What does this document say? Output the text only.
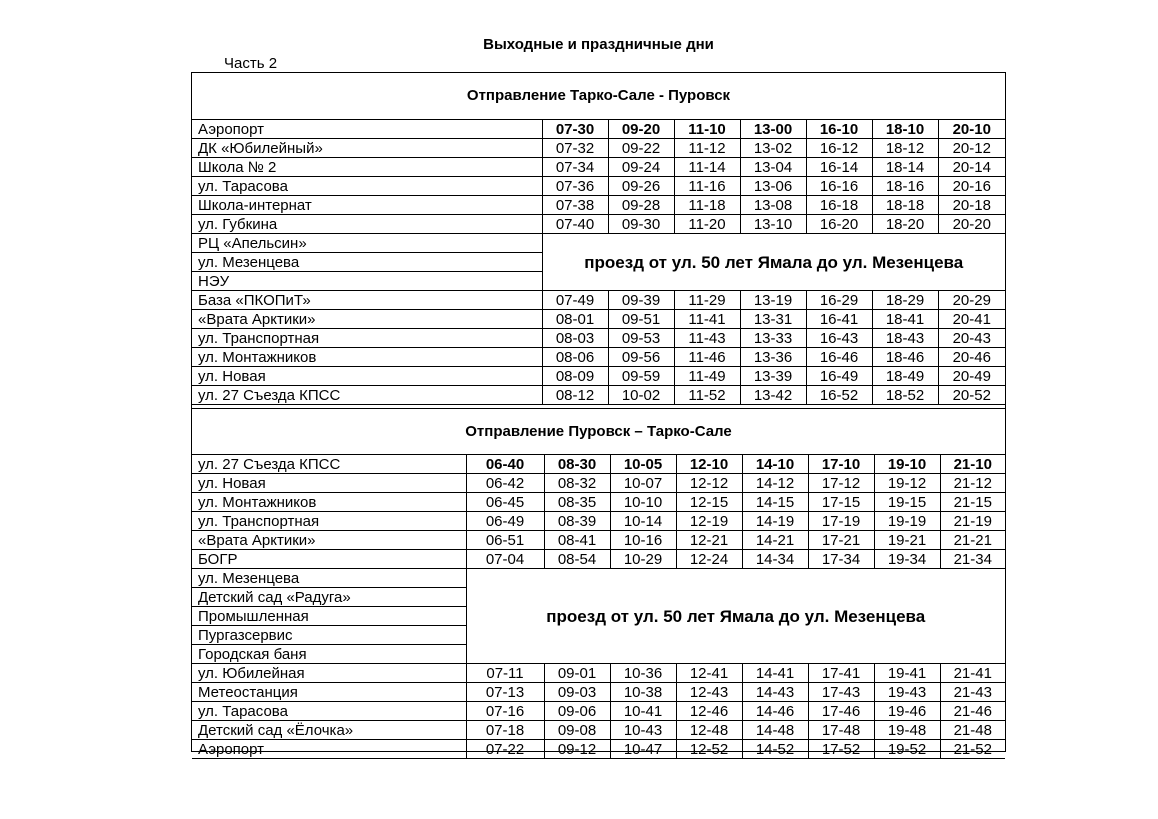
Выходные и праздничные дни
Часть 2
Отправление Тарко-Сале - Пуровск
Аэропорт	07-30	09-20	11-10	13-00	16-10	18-10	20-10
ДК «Юбилейный»	07-32	09-22	11-12	13-02	16-12	18-12	20-12
Школа № 2	07-34	09-24	11-14	13-04	16-14	18-14	20-14
ул. Тарасова	07-36	09-26	11-16	13-06	16-16	18-16	20-16
Школа-интернат	07-38	09-28	11-18	13-08	16-18	18-18	20-18
ул. Губкина	07-40	09-30	11-20	13-10	16-20	18-20	20-20
РЦ «Апельсин»	проезд от ул. 50 лет Ямала до ул. Мезенцева						
ул. Мезенцева							
НЭУ							
База «ПКОПиТ»	07-49	09-39	11-29	13-19	16-29	18-29	20-29
«Врата Арктики»	08-01	09-51	11-41	13-31	16-41	18-41	20-41
ул. Транспортная	08-03	09-53	11-43	13-33	16-43	18-43	20-43
ул. Монтажников	08-06	09-56	11-46	13-36	16-46	18-46	20-46
ул. Новая	08-09	09-59	11-49	13-39	16-49	18-49	20-49
ул. 27 Съезда КПСС	08-12	10-02	11-52	13-42	16-52	18-52	20-52
Отправление Пуровск – Тарко-Сале
ул. 27 Съезда КПСС	06-40	08-30	10-05	12-10	14-10	17-10	19-10	21-10
ул. Новая	06-42	08-32	10-07	12-12	14-12	17-12	19-12	21-12
ул. Монтажников	06-45	08-35	10-10	12-15	14-15	17-15	19-15	21-15
ул. Транспортная	06-49	08-39	10-14	12-19	14-19	17-19	19-19	21-19
«Врата Арктики»	06-51	08-41	10-16	12-21	14-21	17-21	19-21	21-21
БОГР	07-04	08-54	10-29	12-24	14-34	17-34	19-34	21-34
ул. Мезенцева	проезд от ул. 50 лет Ямала до ул. Мезенцева							
Детский сад «Радуга»								
Промышленная								
Пургазсервис								
Городская баня								
ул. Юбилейная	07-11	09-01	10-36	12-41	14-41	17-41	19-41	21-41
Метеостанция	07-13	09-03	10-38	12-43	14-43	17-43	19-43	21-43
ул. Тарасова	07-16	09-06	10-41	12-46	14-46	17-46	19-46	21-46
Детский сад «Ёлочка»	07-18	09-08	10-43	12-48	14-48	17-48	19-48	21-48
Аэропорт	07-22	09-12	10-47	12-52	14-52	17-52	19-52	21-52
